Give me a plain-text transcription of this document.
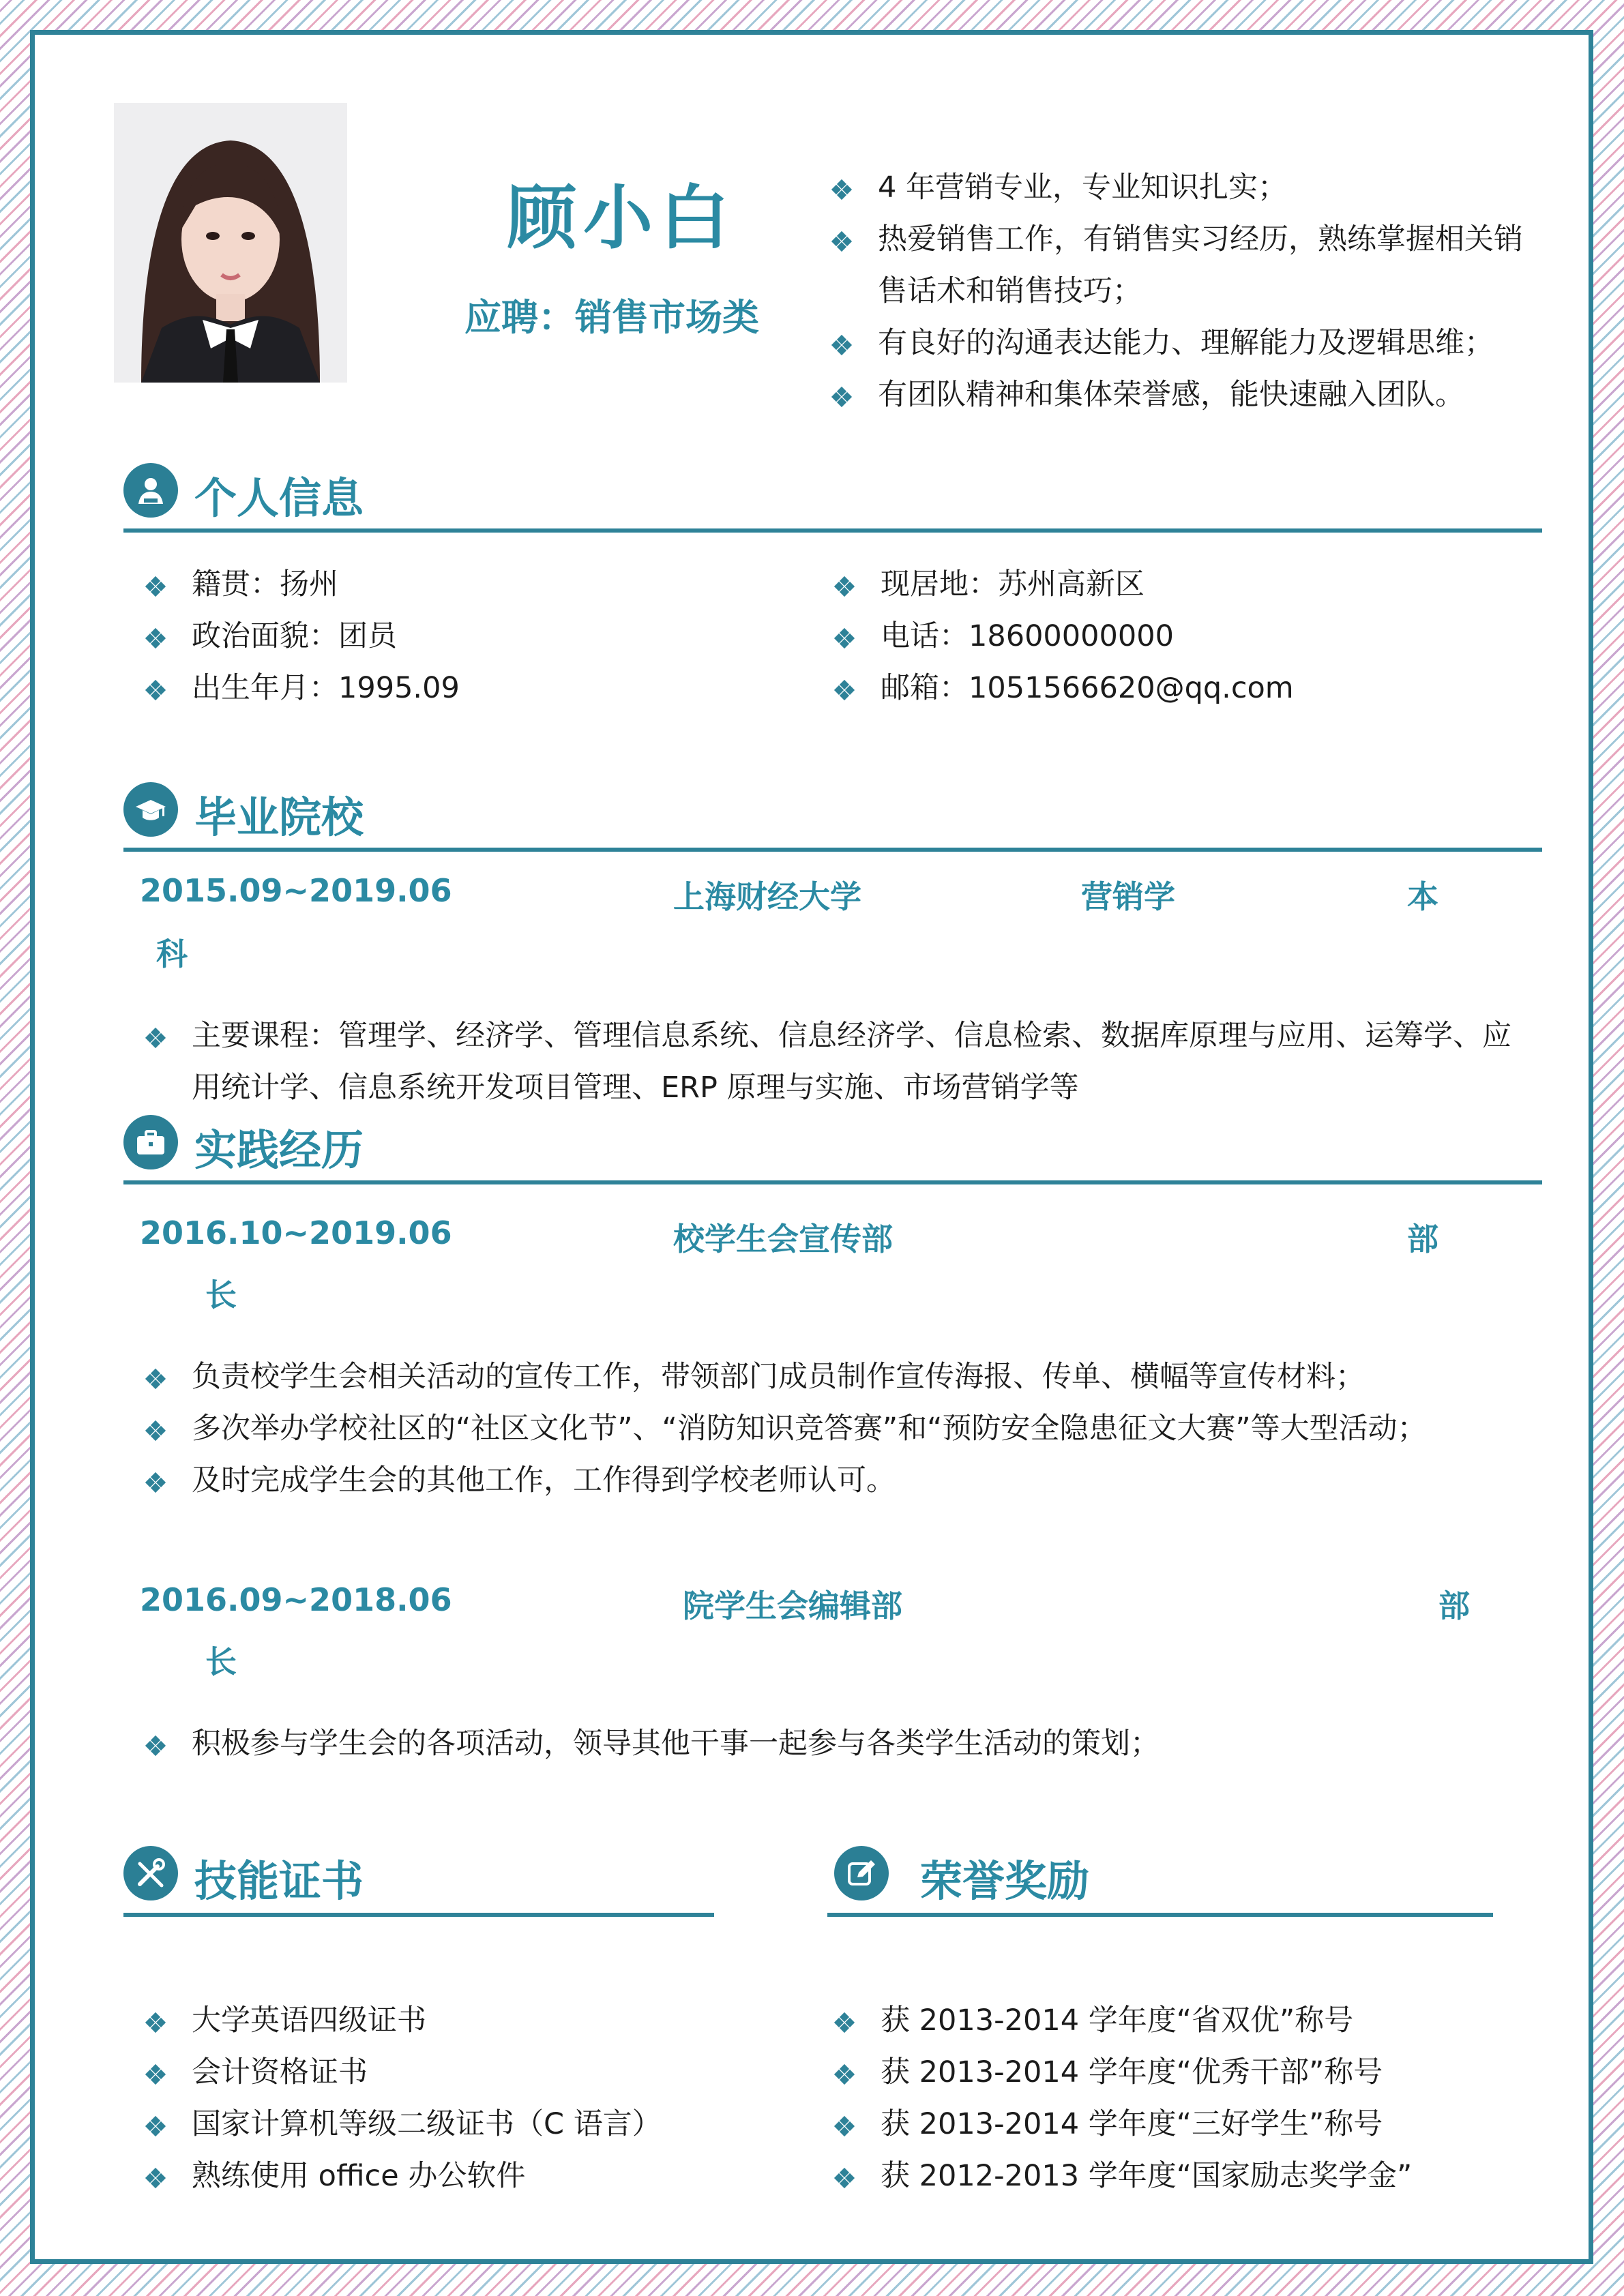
顾小白
应聘：销售市场类
4 年营销专业，专业知识扎实；
热爱销售工作，有销售实习经历，熟练掌握相关销售话术和销售技巧；
有良好的沟通表达能力、理解能力及逻辑思维；
有团队精神和集体荣誉感，能快速融入团队。
个人信息
籍贯：扬州
政治面貌：团员
出生年月：1995.09
现居地：苏州高新区
电话：18600000000
邮箱：1051566620@qq.com
毕业院校
2015.09~2019.06	上海财经大学	营销学	本
科
主要课程：管理学、经济学、管理信息系统、信息经济学、信息检索、数据库原理与应用、运筹学、应用统计学、信息系统开发项目管理、ERP 原理与实施、市场营销学等
实践经历
2016.10~2019.06	校学生会宣传部	部
长
负责校学生会相关活动的宣传工作，带领部门成员制作宣传海报、传单、横幅等宣传材料；
多次举办学校社区的“社区文化节”、“消防知识竞答赛”和“预防安全隐患征文大赛”等大型活动；
及时完成学生会的其他工作，工作得到学校老师认可。
2016.09~2018.06	院学生会编辑部	部
长
积极参与学生会的各项活动，领导其他干事一起参与各类学生活动的策划；
技能证书
大学英语四级证书
会计资格证书
国家计算机等级二级证书（C 语言）
熟练使用 office 办公软件
荣誉奖励
获 2013-2014 学年度“省双优”称号
获 2013-2014 学年度“优秀干部”称号
获 2013-2014 学年度“三好学生”称号
获 2012-2013 学年度“国家励志奖学金”
